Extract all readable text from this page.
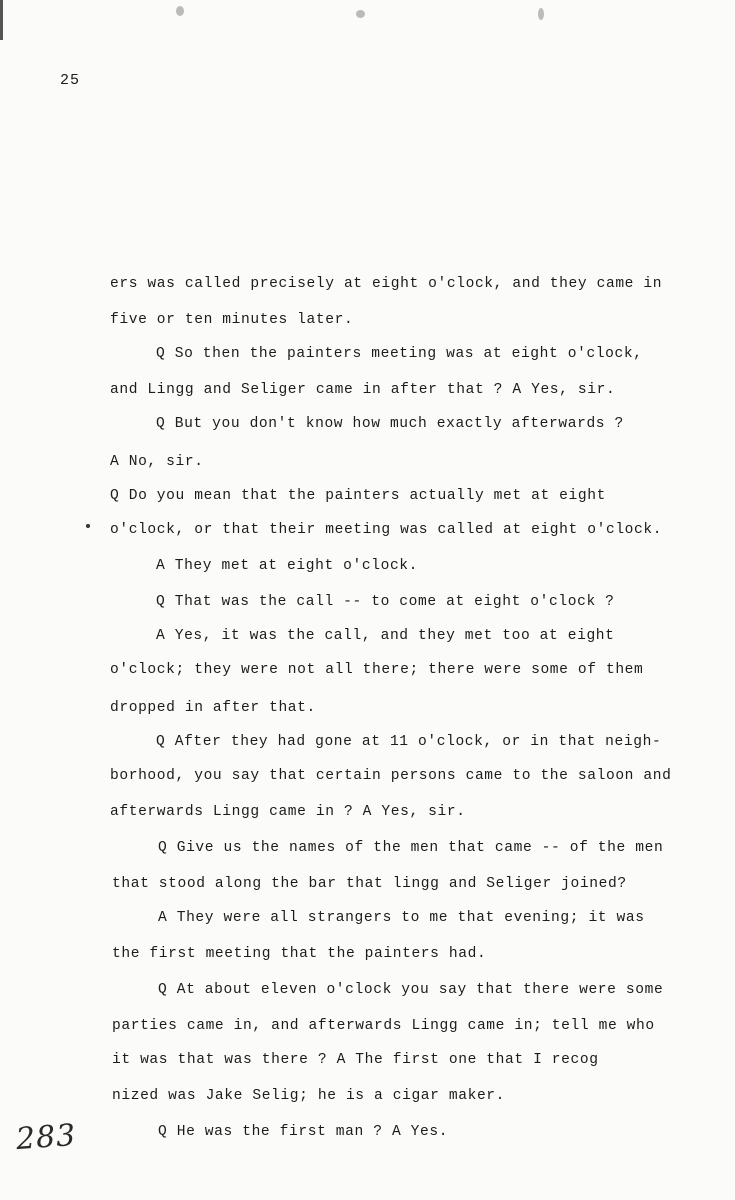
25
ers was called precisely at eight o'clock, and they came in
five or ten minutes later.
Q So then the painters meeting was at eight o'clock,
and Lingg and Seliger came in after that ? A Yes, sir.
Q But you don't know how much exactly afterwards ?
A No, sir.
Q Do you mean that the painters actually met at eight
o'clock, or that their meeting was called at eight o'clock.
A They met at eight o'clock.
Q That was the call -- to come at eight o'clock ?
A Yes, it was the call, and they met too at eight
o'clock; they were not all there; there were some of them
dropped in after that.
Q After they had gone at 11 o'clock, or in that neigh-
borhood, you say that certain persons came to the saloon and
afterwards Lingg came in ? A Yes, sir.
Q Give us the names of the men that came -- of the men
that stood along the bar that lingg and Seliger joined?
A They were all strangers to me that evening; it was
the first meeting that the painters had.
Q At about eleven o'clock you say that there were some
parties came in, and afterwards Lingg came in; tell me who
it was that was there ? A The first one that I recog
nized was Jake Selig; he is a cigar maker.
Q He was the first man ? A Yes.
283
